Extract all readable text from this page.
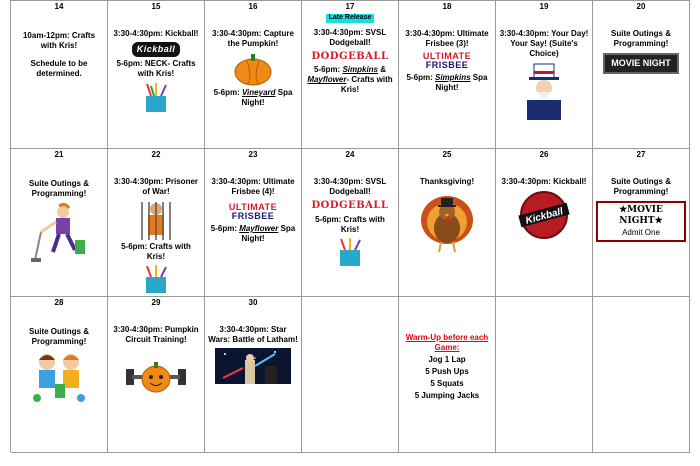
14
10am-12pm: Crafts with Kris!
Schedule to be determined.
15
3:30-4:30pm: Kickball!
Kickball
5-6pm: NECK- Crafts with Kris!
16
3:30-4:30pm: Capture the Pumpkin!
5-6pm: Vineyard Spa Night!
17
Late Release
3:30-4:30pm: SVSL Dodgeball!
DODGEBALL
5-6pm: Simpkins & Mayflower- Crafts with Kris!
18
3:30-4:30pm: Ultimate Frisbee (3)!
ULTIMATE
FRISBEE
5-6pm: Simpkins Spa Night!
19
3:30-4:30pm: Your Day! Your Say! (Suite's Choice)
20
Suite Outings & Programming!
MOVIE NIGHT
21
Suite Outings & Programming!
22
3:30-4:30pm: Prisoner of War!
5-6pm: Crafts with Kris!
23
3:30-4:30pm: Ultimate Frisbee (4)!
ULTIMATE
FRISBEE
5-6pm: Mayflower Spa Night!
24
3:30-4:30pm: SVSL Dodgeball!
DODGEBALL
5-6pm: Crafts with Kris!
25
Thanksgiving!
26
3:30-4:30pm: Kickball!
Kickball
27
Suite Outings & Programming!
★MOVIE NIGHT★
Admit One
28
Suite Outings & Programming!
29
3:30-4:30pm: Pumpkin Circuit Training!
30
3:30-4:30pm: Star Wars: Battle of Latham!	Warm-Up before each Game:
Jog 1 Lap
5 Push Ups
5 Squats
5 Jumping Jacks
